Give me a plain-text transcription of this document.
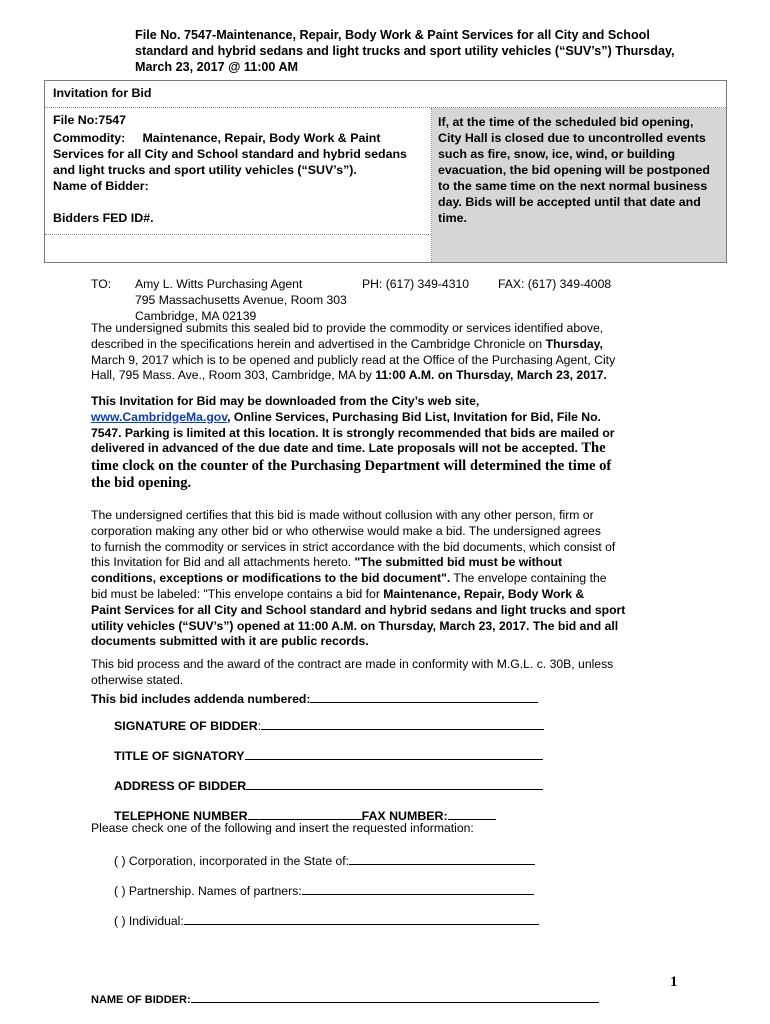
File No. 7547-Maintenance, Repair, Body Work & Paint Services for all City and School
standard and hybrid sedans and light trucks and sport utility vehicles (“SUV’s”) Thursday,
March 23, 2017 @ 11:00 AM
Invitation for Bid
File No:7547
Commodity:     Maintenance, Repair, Body Work & Paint
Services for all City and School standard and hybrid sedans
and light trucks and sport utility vehicles (“SUV’s”).
Name of Bidder:
Bidders FED ID#.
If, at the time of the scheduled bid opening,
City Hall is closed due to uncontrolled events
such as fire, snow, ice, wind, or building
evacuation, the bid opening will be postponed
to the same time on the next normal business
day. Bids will be accepted until that date and
time.
TO: Amy L. Witts Purchasing Agent	PH: (617) 349-4310 FAX: (617) 349-4008
795 Massachusetts Avenue, Room 303
Cambridge, MA 02139
The undersigned submits this sealed bid to provide the commodity or services identified above,
described in the specifications herein and advertised in the Cambridge Chronicle on Thursday,
March 9, 2017 which is to be opened and publicly read at the Office of the Purchasing Agent, City
Hall, 795 Mass. Ave., Room 303, Cambridge, MA by 11:00 A.M. on Thursday, March 23, 2017.
This Invitation for Bid may be downloaded from the City’s web site,
www.CambridgeMa.gov, Online Services, Purchasing Bid List, Invitation for Bid, File No.
7547. Parking is limited at this location. It is strongly recommended that bids are mailed or
delivered in advanced of the due date and time. Late proposals will not be accepted. The
time clock on the counter of the Purchasing Department will determined the time of
the bid opening.
The undersigned certifies that this bid is made without collusion with any other person, firm or
corporation making any other bid or who otherwise would make a bid. The undersigned agrees
to furnish the commodity or services in strict accordance with the bid documents, which consist of
this Invitation for Bid and all attachments hereto. "The submitted bid must be without
conditions, exceptions or modifications to the bid document". The envelope containing the
bid must be labeled: "This envelope contains a bid for Maintenance, Repair, Body Work &
Paint Services for all City and School standard and hybrid sedans and light trucks and sport
utility vehicles (“SUV’s”) opened at 11:00 A.M. on Thursday, March 23, 2017. The bid and all
documents submitted with it are public records.
This bid process and the award of the contract are made in conformity with M.G.L. c. 30B, unless
otherwise stated.
This bid includes addenda numbered:
SIGNATURE OF BIDDER:
TITLE OF SIGNATORY
ADDRESS OF BIDDER
TELEPHONE NUMBER	FAX NUMBER:
Please check one of the following and insert the requested information:
( ) Corporation, incorporated in the State of:
( ) Partnership. Names of partners:
( ) Individual:
1
NAME OF BIDDER:
